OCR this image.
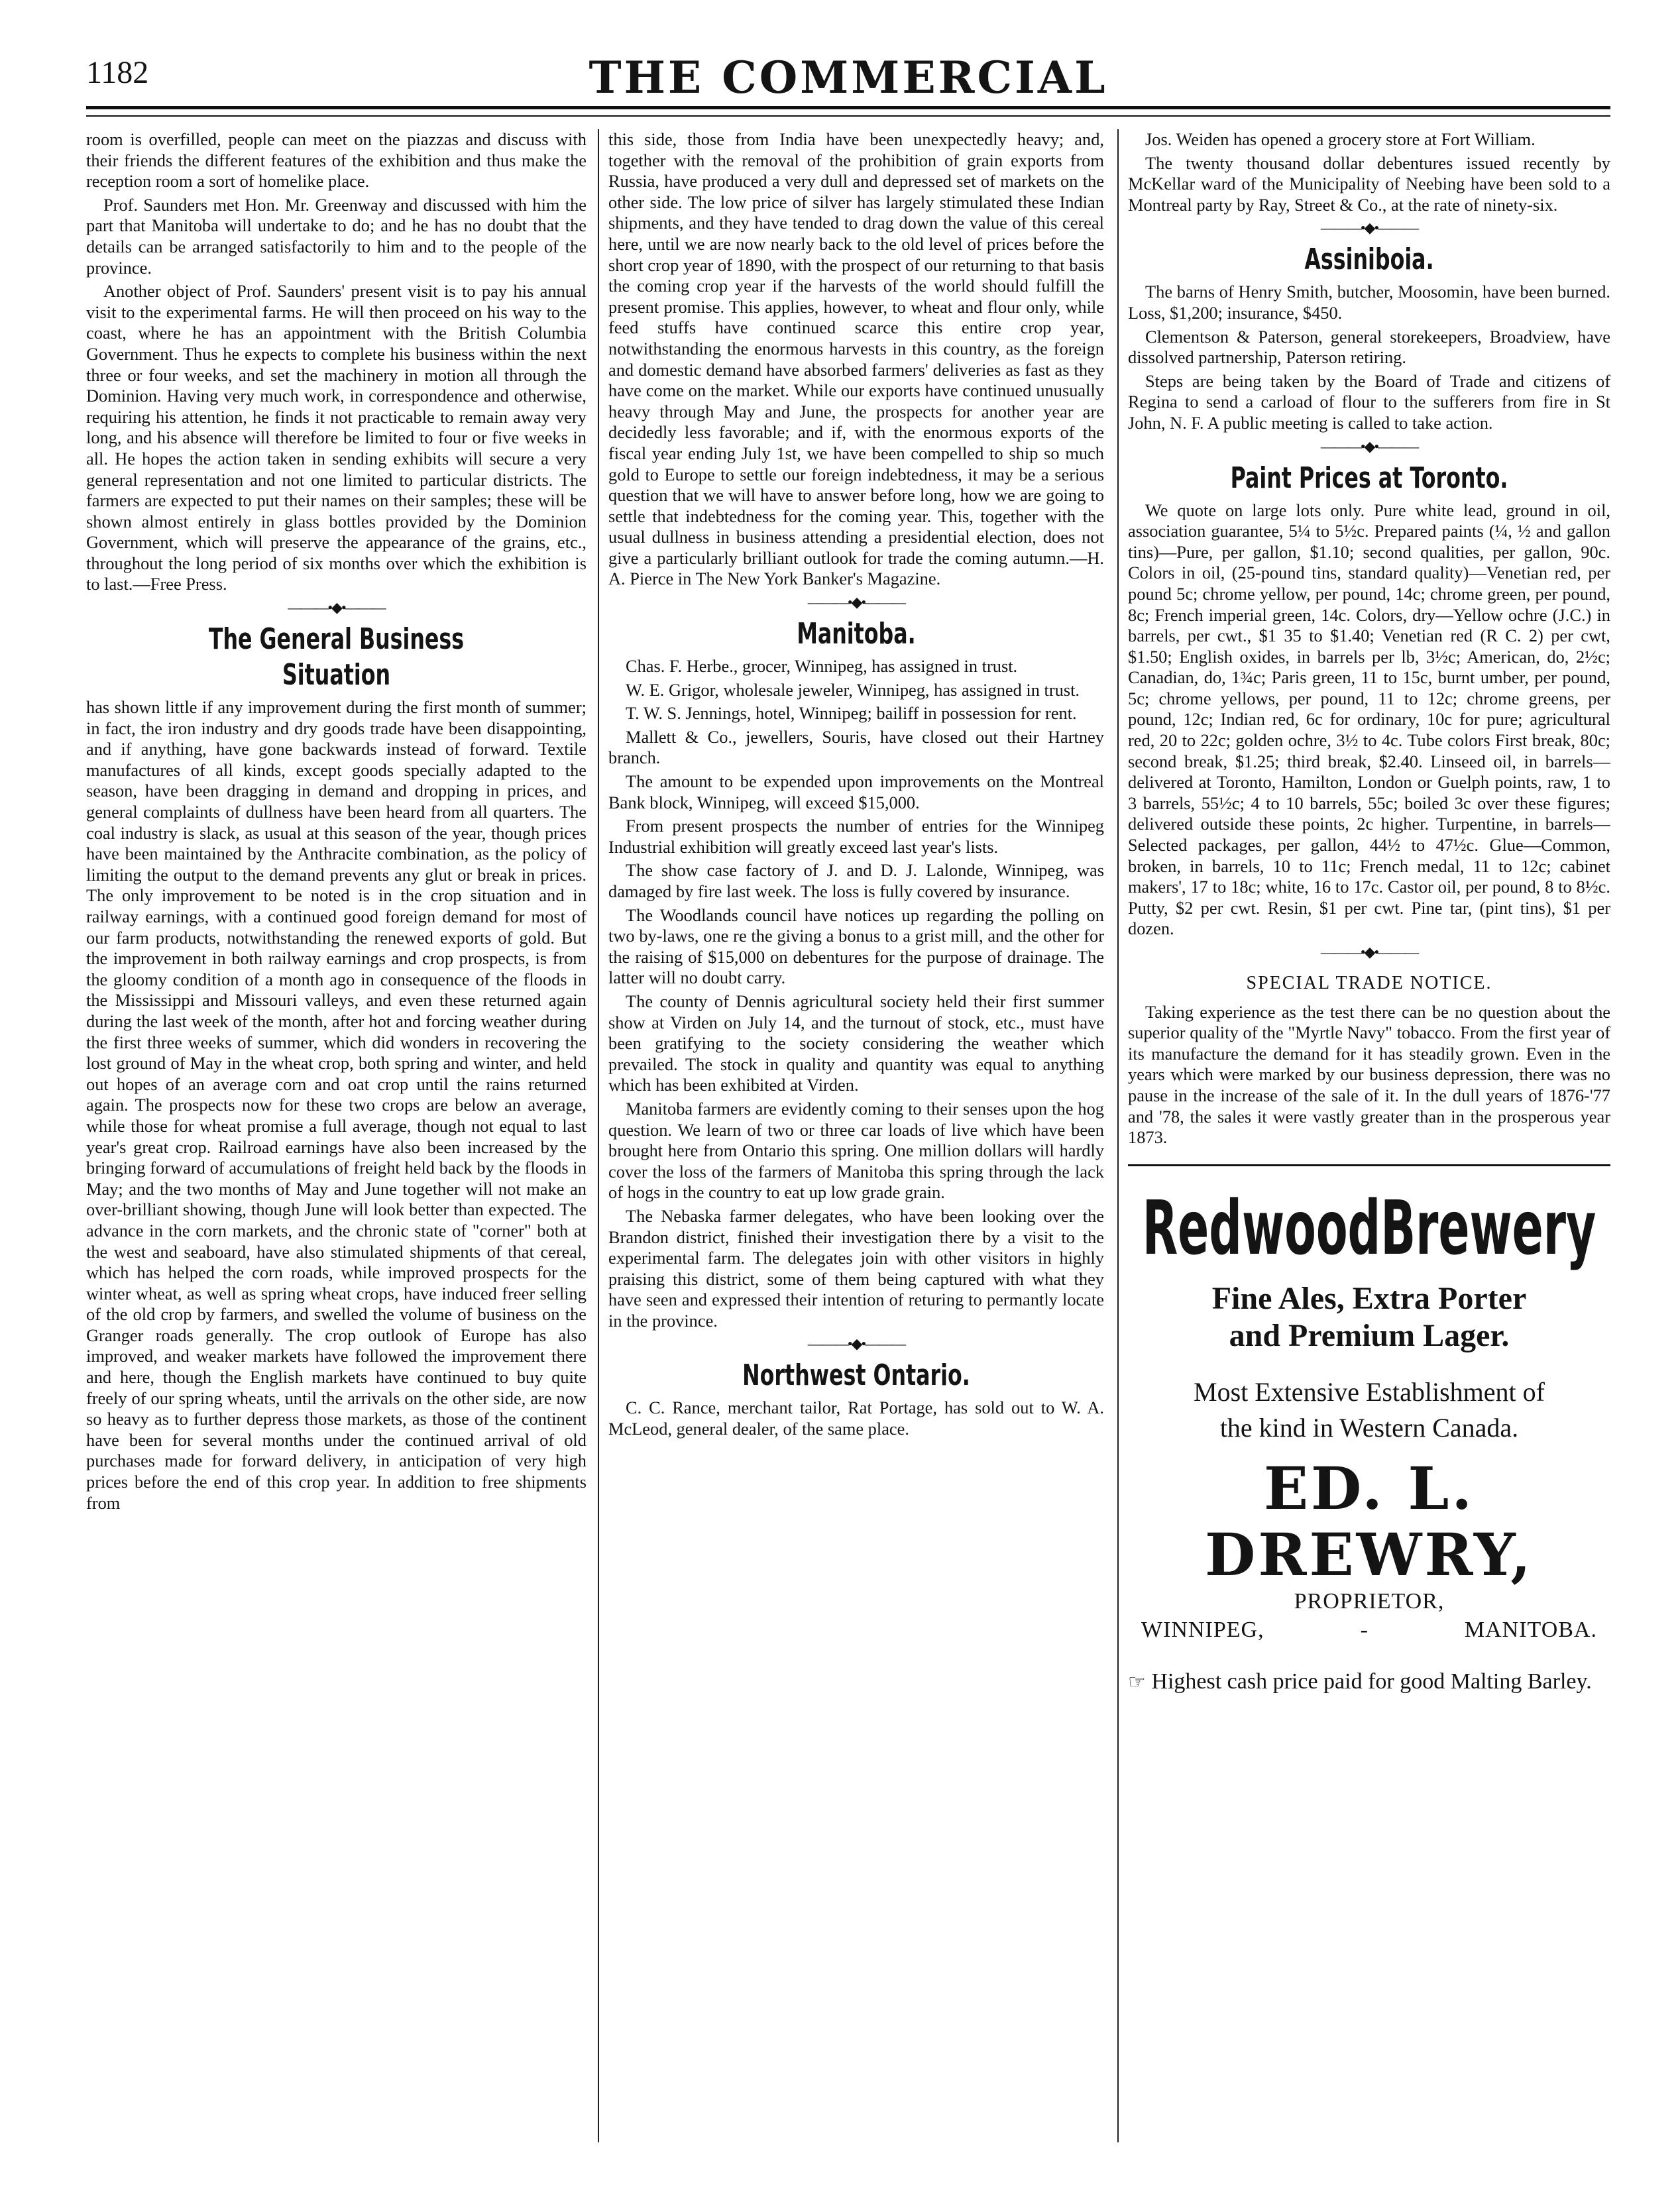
1182	THE COMMERCIAL

room is overfilled, people can meet on the piazzas and discuss with their friends the different features of the exhibition and thus make the reception room a sort of homelike place.

Prof. Saunders met Hon. Mr. Greenway and discussed with him the part that Manitoba will undertake to do; and he has no doubt that the details can be arranged satisfactorily to him and to the people of the province.

Another object of Prof. Saunders' present visit is to pay his annual visit to the experimental farms. He will then proceed on his way to the coast, where he has an appointment with the British Columbia Government. Thus he expects to complete his business within the next three or four weeks, and set the machinery in motion all through the Dominion. Having very much work, in correspondence and otherwise, requiring his attention, he finds it not practicable to remain away very long, and his absence will therefore be limited to four or five weeks in all. He hopes the action taken in sending exhibits will secure a very general representation and not one limited to particular districts. The farmers are expected to put their names on their samples; these will be shown almost entirely in glass bottles provided by the Dominion Government, which will preserve the appearance of the grains, etc., throughout the long period of six months over which the exhibition is to last.—Free Press.

———•◆•———
The General Business Situation

has shown little if any improvement during the first month of summer; in fact, the iron industry and dry goods trade have been disappointing, and if anything, have gone backwards instead of forward. Textile manufactures of all kinds, except goods specially adapted to the season, have been dragging in demand and dropping in prices, and general complaints of dullness have been heard from all quarters. The coal industry is slack, as usual at this season of the year, though prices have been maintained by the Anthracite combination, as the policy of limiting the output to the demand prevents any glut or break in prices. The only improvement to be noted is in the crop situation and in railway earnings, with a continued good foreign demand for most of our farm products, notwithstanding the renewed exports of gold. But the improvement in both railway earnings and crop prospects, is from the gloomy condition of a month ago in consequence of the floods in the Mississippi and Missouri valleys, and even these returned again during the last week of the month, after hot and forcing weather during the first three weeks of summer, which did wonders in recovering the lost ground of May in the wheat crop, both spring and winter, and held out hopes of an average corn and oat crop until the rains returned again. The prospects now for these two crops are below an average, while those for wheat promise a full average, though not equal to last year's great crop. Railroad earnings have also been increased by the bringing forward of accumulations of freight held back by the floods in May; and the two months of May and June together will not make an over-brilliant showing, though June will look better than expected. The advance in the corn markets, and the chronic state of "corner" both at the west and seaboard, have also stimulated shipments of that cereal, which has helped the corn roads, while improved prospects for the winter wheat, as well as spring wheat crops, have induced freer selling of the old crop by farmers, and swelled the volume of business on the Granger roads generally. The crop outlook of Europe has also improved, and weaker markets have followed the improvement there and here, though the English markets have continued to buy quite freely of our spring wheats, until the arrivals on the other side, are now so heavy as to further depress those markets, as those of the continent have been for several months under the continued arrival of old purchases made for forward delivery, in anticipation of very high prices before the end of this crop year. In addition to free shipments from

this side, those from India have been unexpectedly heavy; and, together with the removal of the prohibition of grain exports from Russia, have produced a very dull and depressed set of markets on the other side. The low price of silver has largely stimulated these Indian shipments, and they have tended to drag down the value of this cereal here, until we are now nearly back to the old level of prices before the short crop year of 1890, with the prospect of our returning to that basis the coming crop year if the harvests of the world should fulfill the present promise. This applies, however, to wheat and flour only, while feed stuffs have continued scarce this entire crop year, notwithstanding the enormous harvests in this country, as the foreign and domestic demand have absorbed farmers' deliveries as fast as they have come on the market. While our exports have continued unusually heavy through May and June, the prospects for another year are decidedly less favorable; and if, with the enormous exports of the fiscal year ending July 1st, we have been compelled to ship so much gold to Europe to settle our foreign indebtedness, it may be a serious question that we will have to answer before long, how we are going to settle that indebtedness for the coming year. This, together with the usual dullness in business attending a presidential election, does not give a particularly brilliant outlook for trade the coming autumn.—H. A. Pierce in The New York Banker's Magazine.

———•◆•———
Manitoba.

Chas. F. Herbe., grocer, Winnipeg, has assigned in trust.

W. E. Grigor, wholesale jeweler, Winnipeg, has assigned in trust.

T. W. S. Jennings, hotel, Winnipeg; bailiff in possession for rent.

Mallett & Co., jewellers, Souris, have closed out their Hartney branch.

The amount to be expended upon improvements on the Montreal Bank block, Winnipeg, will exceed $15,000.

From present prospects the number of entries for the Winnipeg Industrial exhibition will greatly exceed last year's lists.

The show case factory of J. and D. J. Lalonde, Winnipeg, was damaged by fire last week. The loss is fully covered by insurance.

The Woodlands council have notices up regarding the polling on two by-laws, one re the giving a bonus to a grist mill, and the other for the raising of $15,000 on debentures for the purpose of drainage. The latter will no doubt carry.

The county of Dennis agricultural society held their first summer show at Virden on July 14, and the turnout of stock, etc., must have been gratifying to the society considering the weather which prevailed. The stock in quality and quantity was equal to anything which has been exhibited at Virden.

Manitoba farmers are evidently coming to their senses upon the hog question. We learn of two or three car loads of live which have been brought here from Ontario this spring. One million dollars will hardly cover the loss of the farmers of Manitoba this spring through the lack of hogs in the country to eat up low grade grain.

The Nebaska farmer delegates, who have been looking over the Brandon district, finished their investigation there by a visit to the experimental farm. The delegates join with other visitors in highly praising this district, some of them being captured with what they have seen and expressed their intention of returing to permantly locate in the province.

———•◆•———
Northwest Ontario.

C. C. Rance, merchant tailor, Rat Portage, has sold out to W. A. McLeod, general dealer, of the same place.

Jos. Weiden has opened a grocery store at Fort William.

The twenty thousand dollar debentures issued recently by McKellar ward of the Municipality of Neebing have been sold to a Montreal party by Ray, Street & Co., at the rate of ninety-six.

———•◆•———
Assiniboia.

The barns of Henry Smith, butcher, Moosomin, have been burned. Loss, $1,200; insurance, $450.

Clementson & Paterson, general storekeepers, Broadview, have dissolved partnership, Paterson retiring.

Steps are being taken by the Board of Trade and citizens of Regina to send a carload of flour to the sufferers from fire in St John, N. F. A public meeting is called to take action.

———•◆•———
Paint Prices at Toronto.

We quote on large lots only. Pure white lead, ground in oil, association guarantee, 5¼ to 5½c. Prepared paints (¼, ½ and gallon tins)—Pure, per gallon, $1.10; second qualities, per gallon, 90c. Colors in oil, (25-pound tins, standard quality)—Venetian red, per pound 5c; chrome yellow, per pound, 14c; chrome green, per pound, 8c; French imperial green, 14c. Colors, dry—Yellow ochre (J.C.) in barrels, per cwt., $1 35 to $1.40; Venetian red (R C. 2) per cwt, $1.50; English oxides, in barrels per lb, 3½c; American, do, 2½c; Canadian, do, 1¾c; Paris green, 11 to 15c, burnt umber, per pound, 5c; chrome yellows, per pound, 11 to 12c; chrome greens, per pound, 12c; Indian red, 6c for ordinary, 10c for pure; agricultural red, 20 to 22c; golden ochre, 3½ to 4c. Tube colors First break, 80c; second break, $1.25; third break, $2.40. Linseed oil, in barrels—delivered at Toronto, Hamilton, London or Guelph points, raw, 1 to 3 barrels, 55½c; 4 to 10 barrels, 55c; boiled 3c over these figures; delivered outside these points, 2c higher. Turpentine, in barrels—Selected packages, per gallon, 44½ to 47½c. Glue—Common, broken, in barrels, 10 to 11c; French medal, 11 to 12c; cabinet makers', 17 to 18c; white, 16 to 17c. Castor oil, per pound, 8 to 8½c. Putty, $2 per cwt. Resin, $1 per cwt. Pine tar, (pint tins), $1 per dozen.

———•◆•———
SPECIAL TRADE NOTICE.

Taking experience as the test there can be no question about the superior quality of the "Myrtle Navy" tobacco. From the first year of its manufacture the demand for it has steadily grown. Even in the years which were marked by our business depression, there was no pause in the increase of the sale of it. In the dull years of 1876-'77 and '78, the sales it were vastly greater than in the prosperous year 1873.

RedwoodBrewery
Fine Ales, Extra Porter
and Premium Lager.
Most Extensive Establishment of
the kind in Western Canada.
ED. L. DREWRY,
PROPRIETOR,
WINNIPEG,	-	MANITOBA.
☞ Highest cash price paid for good Malting Barley.
